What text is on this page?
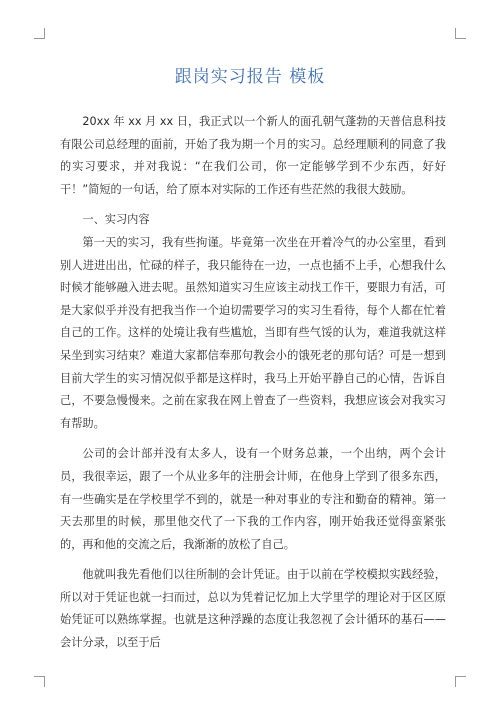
跟岗实习报告 模板

20xx 年 xx 月 xx 日，我正式以一个新人的面孔朝气蓬勃的天普信息科技有限公司总经理的面前，开始了我为期一个月的实习。总经理顺利的同意了我的实习要求，并对我说：“在我们公司，你一定能够学到不少东西，好好干！”简短的一句话，给了原本对实际的工作还有些茫然的我很大鼓励。

一、实习内容

第一天的实习，我有些拘谨。毕竟第一次坐在开着冷气的办公室里，看到别人进进出出，忙碌的样子，我只能待在一边，一点也插不上手，心想我什么时候才能够融入进去呢。虽然知道实习生应该主动找工作干，要眼力有活，可是大家似乎并没有把我当作一个迫切需要学习的实习生看待，每个人都在忙着自己的工作。这样的处境让我有些尴尬，当即有些气馁的认为，难道我就这样呆坐到实习结束？难道大家都信奉那句教会小的饿死老的那句话？可是一想到目前大学生的实习情况似乎都是这样时，我马上开始平静自己的心情，告诉自己，不要急慢慢来。之前在家我在网上曾查了一些资料，我想应该会对我实习有帮助。

公司的会计部并没有太多人，设有一个财务总兼，一个出纳，两个会计员，我很幸运，跟了一个从业多年的注册会计师，在他身上学到了很多东西，有一些确实是在学校里学不到的，就是一种对事业的专注和勤奋的精神。第一天去那里的时候，那里他交代了一下我的工作内容，刚开始我还觉得蛮紧张的，再和他的交流之后，我渐渐的放松了自己。

他就叫我先看他们以往所制的会计凭证。由于以前在学校模拟实践经验，所以对于凭证也就一扫而过，总以为凭着记忆加上大学里学的理论对于区区原始凭证可以熟练掌握。也就是这种浮躁的态度让我忽视了会计循环的基石——会计分录，以至于后
